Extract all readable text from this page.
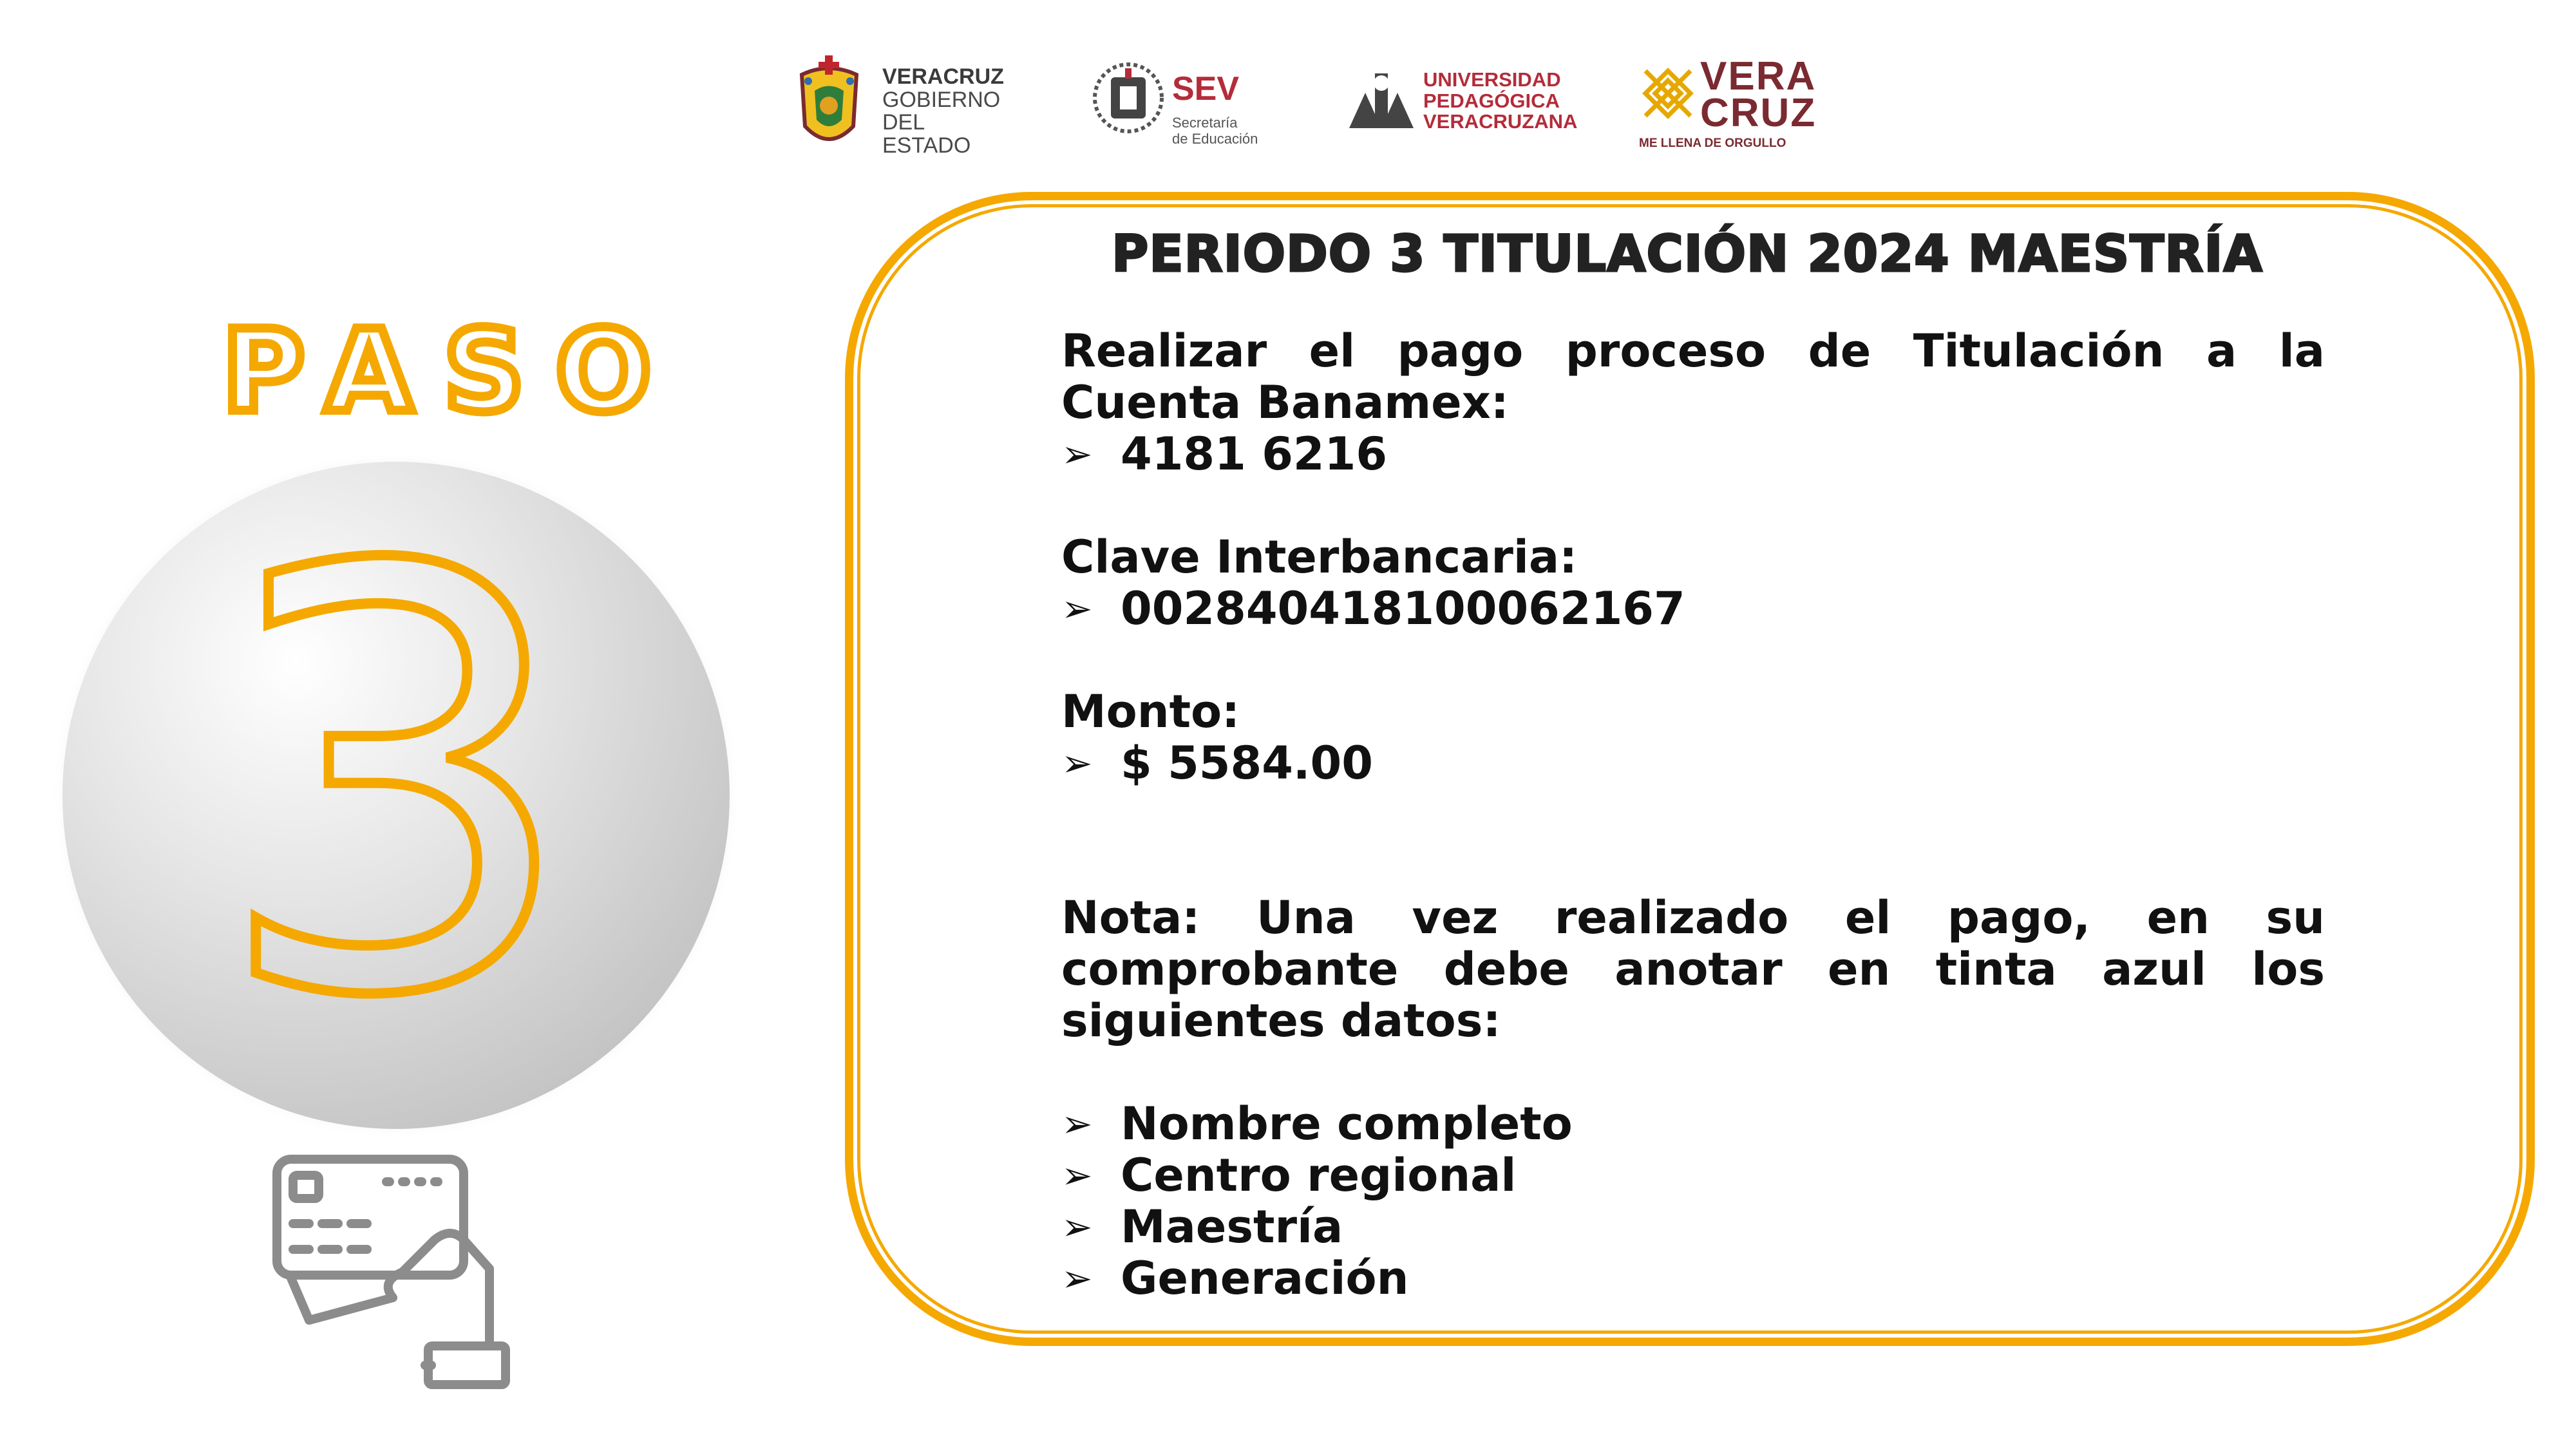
VERACRUZ
GOBIERNO
DEL ESTADO
SEV
Secretaría
de Educación
UNIVERSIDAD
PEDAGÓGICA
VERACRUZANA
VERA
CRUZ
ME LLENA DE ORGULLO
PASO
3
PERIODO 3 TITULACIÓN 2024 MAESTRÍA

Realizar el pago proceso de Titulación a la Cuenta Banamex:

➢ 4181 6216

Clave Interbancaria:

➢ 002840418100062167

Monto:

➢ $ 5584.00

Nota: Una vez realizado el pago, en su comprobante debe anotar en tinta azul los siguientes datos:

➢ Nombre completo
➢ Centro regional
➢ Maestría
➢ Generación
